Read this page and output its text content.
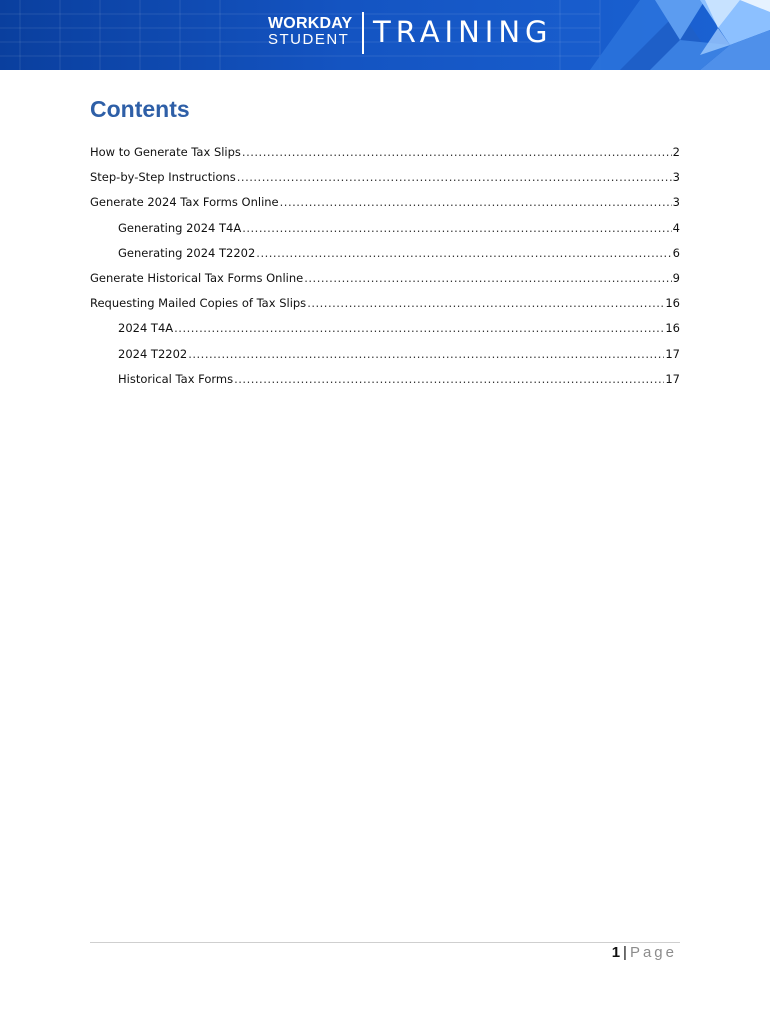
WORKDAY
STUDENT TRAINING
Contents
How to Generate Tax Slips .....	2
Step-by-Step Instructions .....	3
Generate 2024 Tax Forms Online .....	3
Generating 2024 T4A .....	4
Generating 2024 T2202 .....	6
Generate Historical Tax Forms Online .....	9
Requesting Mailed Copies of Tax Slips .....	16
2024 T4A .....	16
2024 T2202 .....	17
Historical Tax Forms .....	17
1 | Page
